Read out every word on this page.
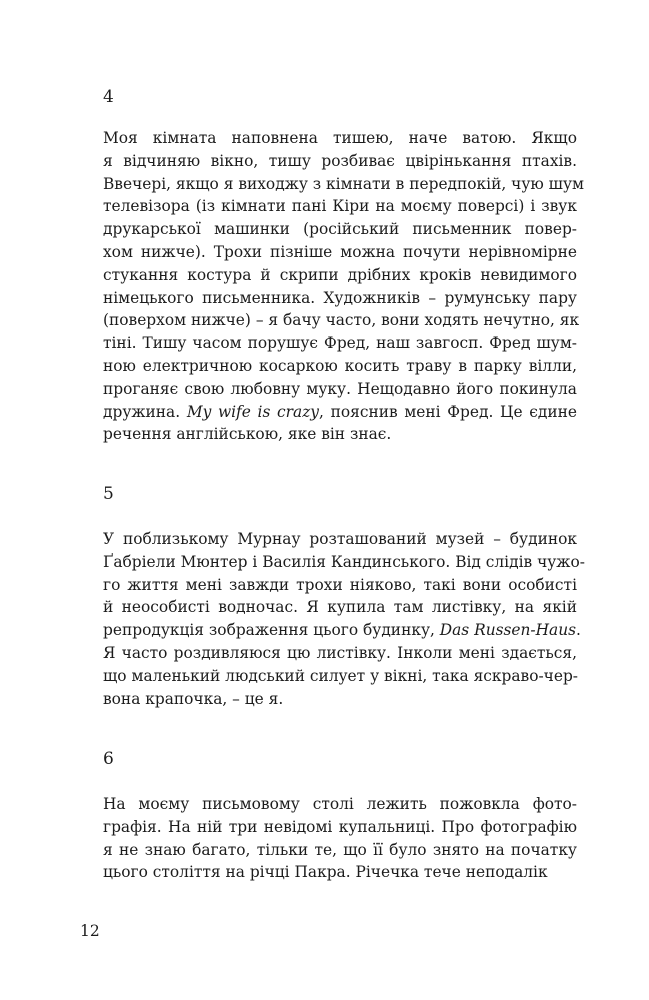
4

Моя кімната наповнена тишею, наче ватою. Якщо
я відчиняю вікно, тишу розбиває цвірінькання птахів.
Ввечері, якщо я виходжу з кімнати в передпокій, чую шум
телевізора (із кімнати пані Кіри на моєму поверсі) і звук
друкарської машинки (російський письменник повер-
хом нижче). Трохи пізніше можна почути нерівномірне
стукання костура й скрипи дрібних кроків невидимого
німецького письменника. Художників – румунську пару
(поверхом нижче) – я бачу часто, вони ходять нечутно, як
тіні. Тишу часом порушує Фред, наш завгосп. Фред шум-
ною електричною косаркою косить траву в парку вілли,
проганяє свою любовну муку. Нещодавно його покинула
дружина. My wife is crazy, пояснив мені Фред. Це єдине
речення англійською, яке він знає.

5

У поблизькому Мурнау розташований музей – будинок
Ґабріели Мюнтер і Василія Кандинського. Від слідів чужо-
го життя мені завжди трохи ніяково, такі вони особисті
й неособисті водночас. Я купила там листівку, на якій
репродукція зображення цього будинку, Das Russen-Haus.
Я часто роздивляюся цю листівку. Інколи мені здається,
що маленький людський силует у вікні, така яскраво-чер-
вона крапочка, – це я.

6

На моєму письмовому столі лежить пожовкла фото-
графія. На ній три невідомі купальниці. Про фотографію
я не знаю багато, тільки те, що її було знято на початку
цього століття на річці Пакра. Річечка тече неподалік

12
